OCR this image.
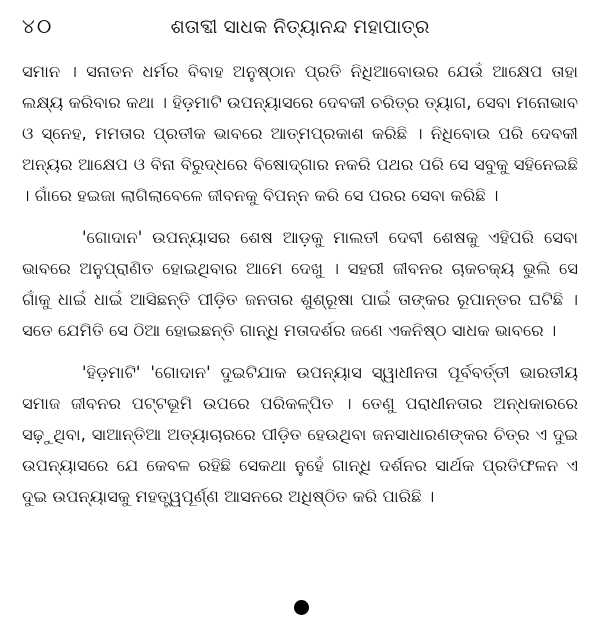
୪୦	ଶତାବ୍ଦୀ ସାଧକ ନିତ୍ୟାନନ୍ଦ ମହାପାତ୍ର

ସମାନ । ସନାତନ ଧର୍ମର ବିବାହ ଅନୁଷ୍ଠାନ ପ୍ରତି ନିଧିଆବୋଉର ଯେଉଁ ଆକ୍ଷେପ ତାହା ଲକ୍ଷ୍ୟ କରିବାର କଥା । ହିଡ଼ମାଟି ଉପନ୍ୟାସରେ ଦେବକୀ ଚରିତ୍ର ତ୍ୟାଗ, ସେବା ମନୋଭାବ ଓ ସ୍ନେହ, ମମତାର ପ୍ରତୀକ ଭାବରେ ଆତ୍ମପ୍ରକାଶ କରିଛି । ନିଧିବୋଉ ପରି ଦେବକୀ ଅନ୍ୟର ଆକ୍ଷେପ ଓ ବିନା ବିରୁଦ୍ଧରେ ବିଷୋଦ୍‌ଗାର ନକରି ପଥର ପରି ସେ ସବୁକୁ ସହିନେଇଛି । ଗାଁରେ ହଇଜା ଲାଗିଲାବେଳେ ଜୀବନକୁ ବିପନ୍ନ କରି ସେ ପରର ସେବା କରିଛି ।

'ଗୋଦାନ' ଉପନ୍ୟାସର ଶେଷ ଆଡ଼କୁ ମାଲତୀ ଦେବୀ ଶେଷକୁ ଏହିପରି ସେବା ଭାବରେ ଅନୁପ୍ରାଣିତ ହୋଇଥିବାର ଆମେ ଦେଖୁ । ସହରୀ ଜୀବନର ଚାକଚକ୍ୟ ଭୁଲି ସେ ଗାଁକୁ ଧାଇଁ ଧାଇଁ ଆସିଛନ୍ତି ପୀଡ଼ିତ ଜନତାର ଶୁଶ୍ରୂଷା ପାଇଁ ତାଙ୍କର ରୂପାନ୍ତର ଘଟିଛି । ସତେ ଯେମିତି ସେ ଠିଆ ହୋଇଛନ୍ତି ଗାନ୍ଧି ମତାଦର୍ଶର ଜଣେ ଏକନିଷ୍ଠ ସାଧକ ଭାବରେ ।

'ହିଡ଼ମାଟି' 'ଗୋଦାନ' ଦୁଇଟିଯାକ ଉପନ୍ୟାସ ସ୍ୱାଧୀନତା ପୂର୍ବବର୍ତ୍ତୀ ଭାରତୀୟ ସମାଜ ଜୀବନର ପଟ୍ଟଭୂମି ଉପରେ ପରିକଳ୍ପିତ । ତେଣୁ ପରାଧୀନତାର ଅନ୍ଧକାରରେ ସଢ଼ୁଥିବା, ସାଆନ୍ତିଆ ଅତ୍ୟାଚାରରେ ପୀଡ଼ିତ ହେଉଥିବା ଜନସାଧାରଣଙ୍କର ଚିତ୍ର ଏ ଦୁଇ ଉପନ୍ୟାସରେ ଯେ କେବଳ ରହିଛି ସେକଥା ନୁହେଁ ଗାନ୍ଧି ଦର୍ଶନର ସାର୍ଥକ ପ୍ରତିଫଳନ ଏ ଦୁଇ ଉପନ୍ୟାସକୁ ମହତ୍ତ୍ୱପୂର୍ଣ୍ଣ ଆସନରେ ଅଧିଷ୍ଠିତ କରି ପାରିଛି ।
